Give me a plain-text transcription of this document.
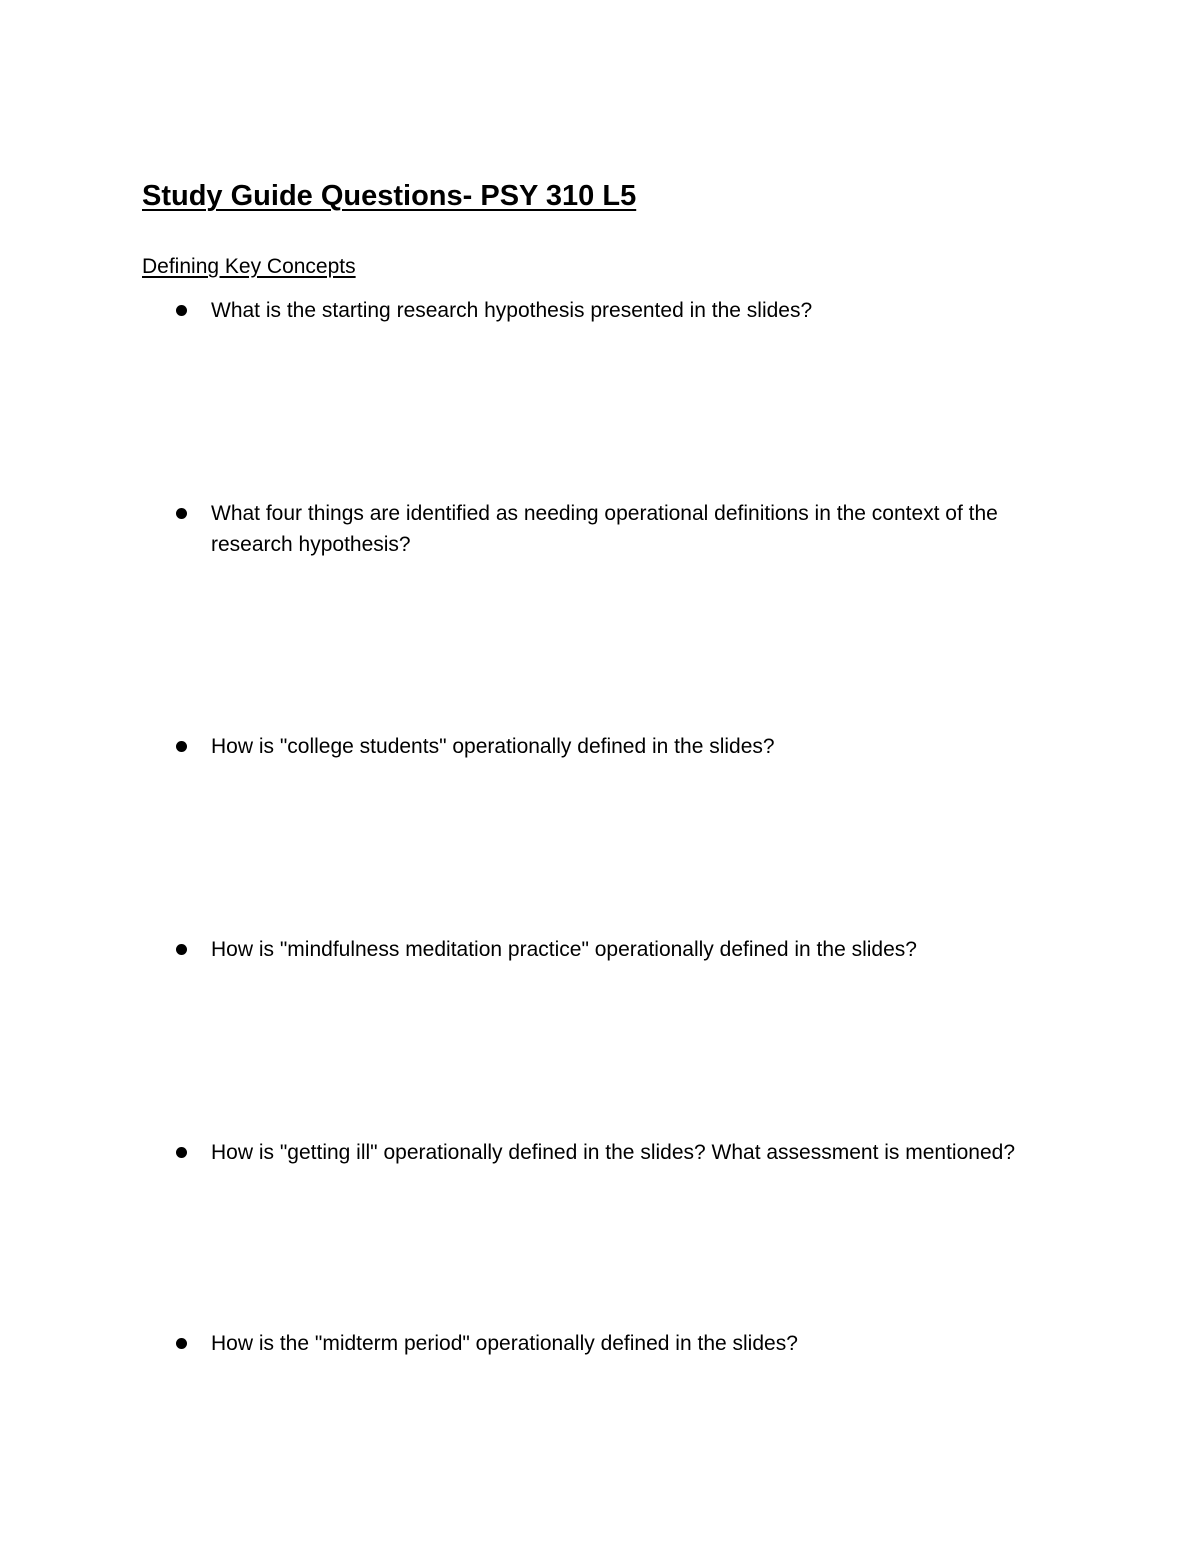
Study Guide Questions- PSY 310 L5
Defining Key Concepts
What is the starting research hypothesis presented in the slides?
What four things are identified as needing operational definitions in the context of the research hypothesis?
How is "college students" operationally defined in the slides?
How is "mindfulness meditation practice" operationally defined in the slides?
How is "getting ill" operationally defined in the slides? What assessment is mentioned?
How is the "midterm period" operationally defined in the slides?
